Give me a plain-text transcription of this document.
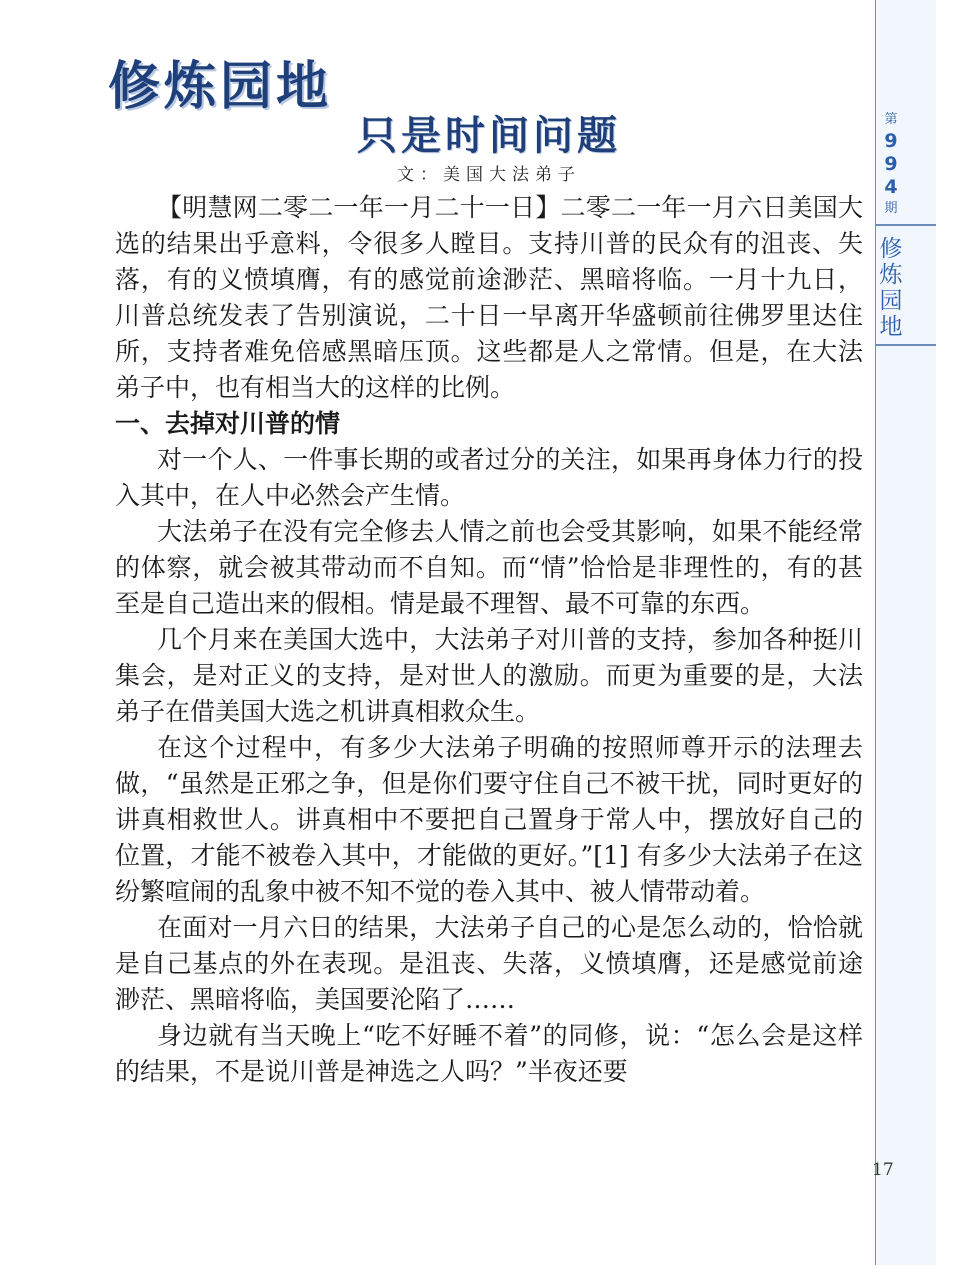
修炼园地
只是时间问题
文：美国大法弟子

【明慧网二零二一年一月二十一日】二零二一年一月六日美国大选的结果出乎意料，令很多人瞠目。支持川普的民众有的沮丧、失落，有的义愤填膺，有的感觉前途渺茫、黑暗将临。一月十九日，川普总统发表了告别演说，二十日一早离开华盛顿前往佛罗里达住所，支持者难免倍感黑暗压顶。这些都是人之常情。但是，在大法弟子中，也有相当大的这样的比例。

一、去掉对川普的情

对一个人、一件事长期的或者过分的关注，如果再身体力行的投入其中，在人中必然会产生情。

大法弟子在没有完全修去人情之前也会受其影响，如果不能经常的体察，就会被其带动而不自知。而“情”恰恰是非理性的，有的甚至是自己造出来的假相。情是最不理智、最不可靠的东西。

几个月来在美国大选中，大法弟子对川普的支持，参加各种挺川集会，是对正义的支持，是对世人的激励。而更为重要的是，大法弟子在借美国大选之机讲真相救众生。

在这个过程中，有多少大法弟子明确的按照师尊开示的法理去做，“虽然是正邪之争，但是你们要守住自己不被干扰，同时更好的讲真相救世人。讲真相中不要把自己置身于常人中，摆放好自己的位置，才能不被卷入其中，才能做的更好。”[1] 有多少大法弟子在这纷繁喧闹的乱象中被不知不觉的卷入其中、被人情带动着。

在面对一月六日的结果，大法弟子自己的心是怎么动的，恰恰就是自己基点的外在表现。是沮丧、失落，义愤填膺，还是感觉前途渺茫、黑暗将临，美国要沦陷了……

身边就有当天晚上“吃不好睡不着”的同修，说：“怎么会是这样的结果，不是说川普是神选之人吗？”半夜还要

第
9
9
4
期
修
炼
园
地
17
